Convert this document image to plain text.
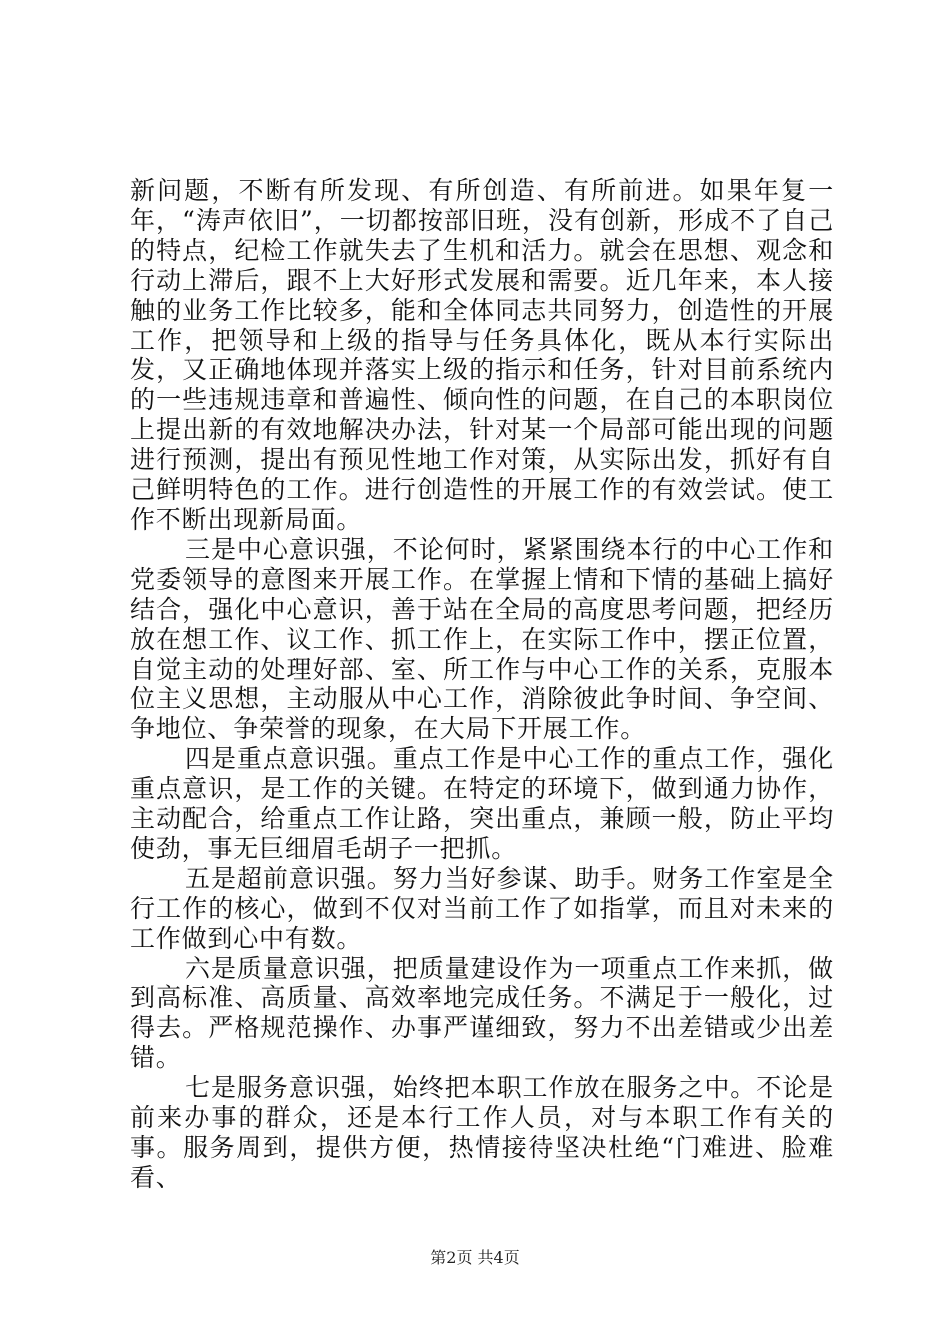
新问题，不断有所发现、有所创造、有所前进。如果年复一年，“涛声依旧”，一切都按部旧班，没有创新，形成不了自己的特点，纪检工作就失去了生机和活力。就会在思想、观念和行动上滞后，跟不上大好形式发展和需要。近几年来，本人接触的业务工作比较多，能和全体同志共同努力，创造性的开展工作，把领导和上级的指导与任务具体化，既从本行实际出发，又正确地体现并落实上级的指示和任务，针对目前系统内的一些违规违章和普遍性、倾向性的问题，在自己的本职岗位上提出新的有效地解决办法，针对某一个局部可能出现的问题进行预测，提出有预见性地工作对策，从实际出发，抓好有自己鲜明特色的工作。进行创造性的开展工作的有效尝试。使工作不断出现新局面。

三是中心意识强，不论何时，紧紧围绕本行的中心工作和党委领导的意图来开展工作。在掌握上情和下情的基础上搞好结合，强化中心意识，善于站在全局的高度思考问题，把经历放在想工作、议工作、抓工作上，在实际工作中，摆正位置，自觉主动的处理好部、室、所工作与中心工作的关系，克服本位主义思想，主动服从中心工作，消除彼此争时间、争空间、争地位、争荣誉的现象，在大局下开展工作。

四是重点意识强。重点工作是中心工作的重点工作，强化重点意识，是工作的关键。在特定的环境下，做到通力协作，主动配合，给重点工作让路，突出重点，兼顾一般，防止平均使劲，事无巨细眉毛胡子一把抓。

五是超前意识强。努力当好参谋、助手。财务工作室是全行工作的核心，做到不仅对当前工作了如指掌，而且对未来的工作做到心中有数。

六是质量意识强，把质量建设作为一项重点工作来抓，做到高标准、高质量、高效率地完成任务。不满足于一般化，过得去。严格规范操作、办事严谨细致，努力不出差错或少出差错。

七是服务意识强，始终把本职工作放在服务之中。不论是前来办事的群众，还是本行工作人员，对与本职工作有关的事。服务周到，提供方便，热情接待坚决杜绝“门难进、脸难看、

第2页 共4页
